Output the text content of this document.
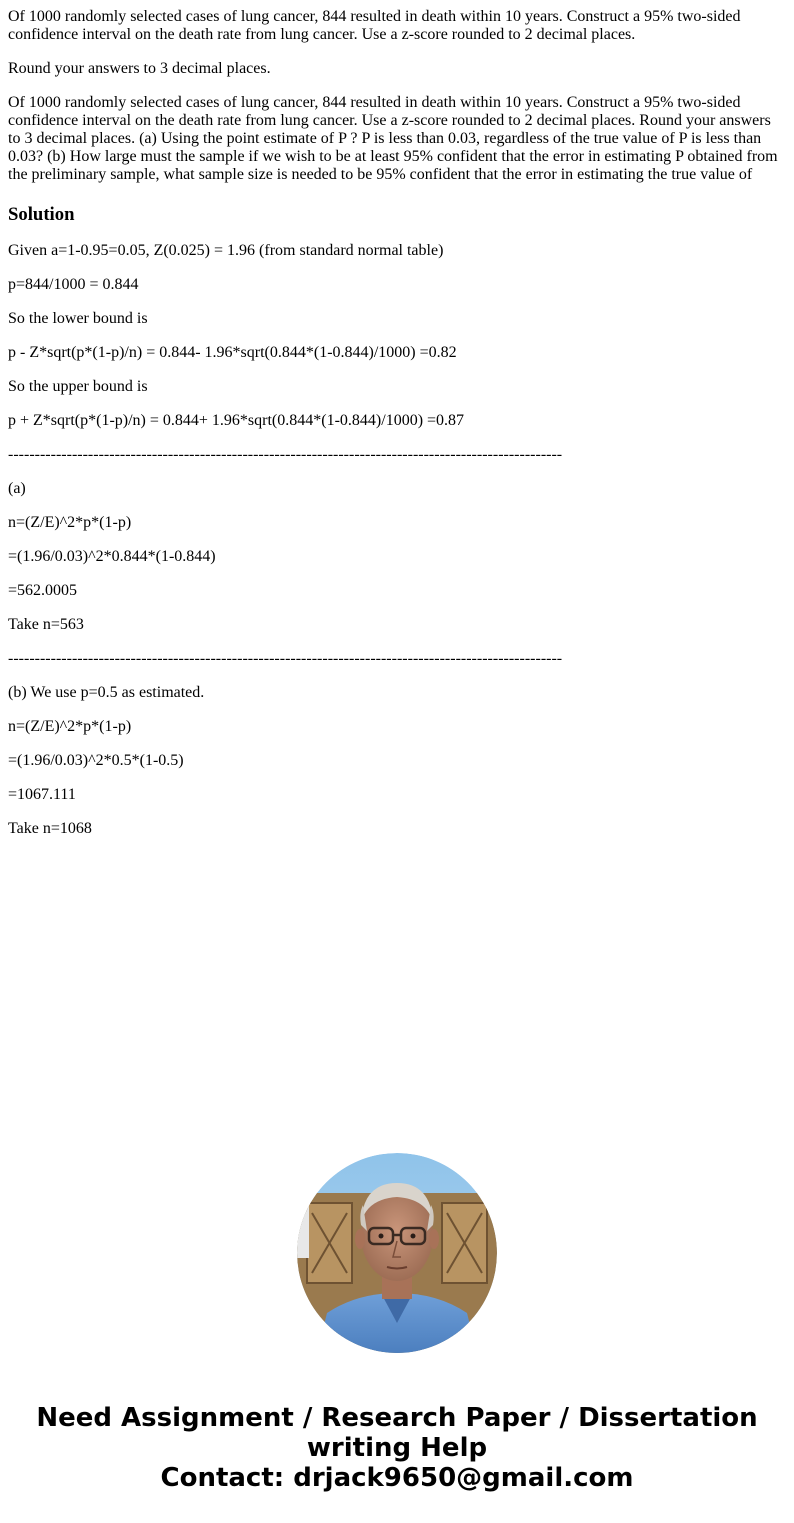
Of 1000 randomly selected cases of lung cancer, 844 resulted in death within 10 years. Construct a 95% two-sided confidence interval on the death rate from lung cancer. Use a z-score rounded to 2 decimal places.

Round your answers to 3 decimal places.

Of 1000 randomly selected cases of lung cancer, 844 resulted in death within 10 years. Construct a 95% two-sided confidence interval on the death rate from lung cancer. Use a z-score rounded to 2 decimal places. Round your answers to 3 decimal places. (a) Using the point estimate of P ? P is less than 0.03, regardless of the true value of P is less than 0.03? (b) How large must the sample if we wish to be at least 95% confident that the error in estimating P obtained from the preliminary sample, what sample size is needed to be 95% confident that the error in estimating the true value of

Solution

Given a=1-0.95=0.05, Z(0.025) = 1.96 (from standard normal table)

p=844/1000 = 0.844

So the lower bound is

p - Z*sqrt(p*(1-p)/n) = 0.844- 1.96*sqrt(0.844*(1-0.844)/1000) =0.82

So the upper bound is

p + Z*sqrt(p*(1-p)/n) = 0.844+ 1.96*sqrt(0.844*(1-0.844)/1000) =0.87

--------------------------------------------------------------------------------------------------------

(a)

n=(Z/E)^2*p*(1-p)

=(1.96/0.03)^2*0.844*(1-0.844)

=562.0005

Take n=563

--------------------------------------------------------------------------------------------------------

(b) We use p=0.5 as estimated.

n=(Z/E)^2*p*(1-p)

=(1.96/0.03)^2*0.5*(1-0.5)

=1067.111

Take n=1068

Need Assignment / Research Paper / Dissertation
writing Help
Contact: drjack9650@gmail.com
